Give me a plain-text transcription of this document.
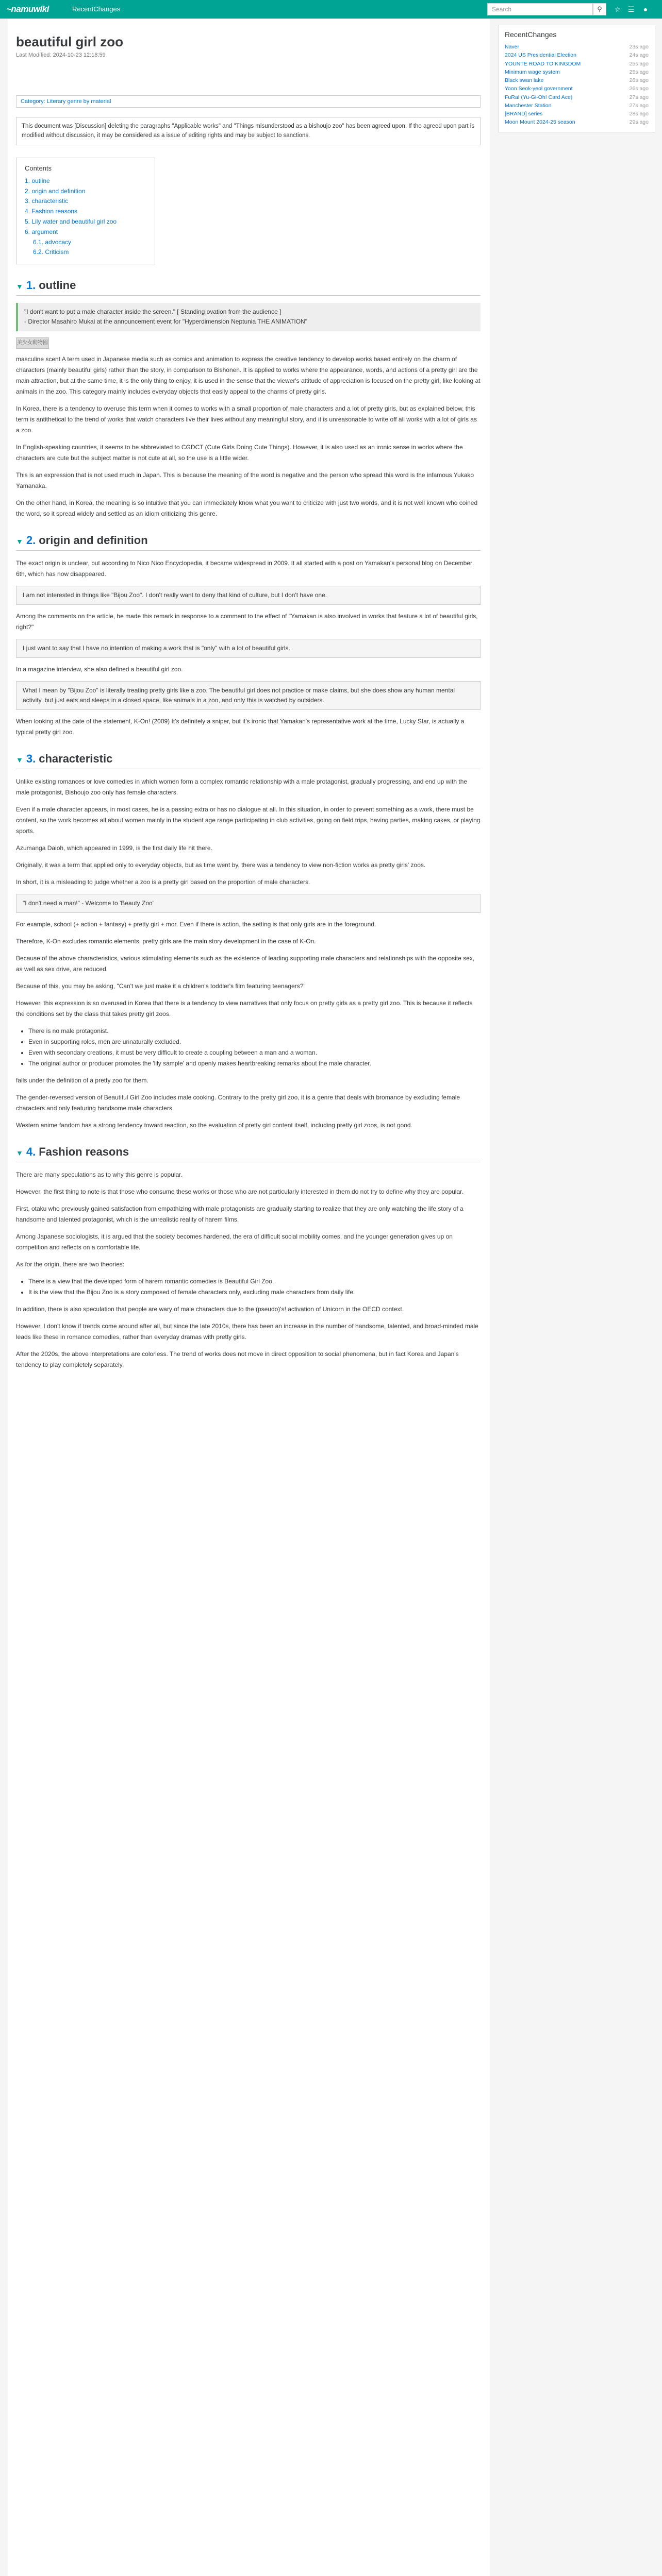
~namuwiki	RecentChanges	Search	⚲	☆ ☰	●
beautiful girl zoo
Last Modified: 2024-10-23 12:18:59
Category: Literary genre by material
This document was [Discussion] deleting the paragraphs "Applicable works" and "Things misunderstood as a bishoujo zoo" has been agreed upon. If the agreed upon part is modified without discussion, it may be considered as a issue of editing rights and may be subject to sanctions.
Contents
1. outline
2. origin and definition
3. characteristic
4. Fashion reasons
5. Lily water and beautiful girl zoo
6. argument
6.1. advocacy
6.2. Criticism
▼ 1. outline
"I don't want to put a male character inside the screen." [ Standing ovation from the audience ]
- Director Masahiro Mukai at the announcement event for "Hyperdimension Neptunia THE ANIMATION"
美少女動物園

masculine scent A term used in Japanese media such as comics and animation to express the creative tendency to develop works based entirely on the charm of characters (mainly beautiful girls) rather than the story, in comparison to Bishonen. It is applied to works where the appearance, words, and actions of a pretty girl are the main attraction, but at the same time, it is the only thing to enjoy, it is used in the sense that the viewer's attitude of appreciation is focused on the pretty girl, like looking at animals in the zoo. This category mainly includes everyday objects that easily appeal to the charms of pretty girls.

In Korea, there is a tendency to overuse this term when it comes to works with a small proportion of male characters and a lot of pretty girls, but as explained below, this term is antithetical to the trend of works that watch characters live their lives without any meaningful story, and it is unreasonable to write off all works with a lot of girls as a zoo.

In English-speaking countries, it seems to be abbreviated to CGDCT (Cute Girls Doing Cute Things). However, it is also used as an ironic sense in works where the characters are cute but the subject matter is not cute at all, so the use is a little wider.

This is an expression that is not used much in Japan. This is because the meaning of the word is negative and the person who spread this word is the infamous Yukako Yamanaka.

On the other hand, in Korea, the meaning is so intuitive that you can immediately know what you want to criticize with just two words, and it is not well known who coined the word, so it spread widely and settled as an idiom criticizing this genre.

▼ 2. origin and definition

The exact origin is unclear, but according to Nico Nico Encyclopedia, it became widespread in 2009. It all started with a post on Yamakan's personal blog on December 6th, which has now disappeared.

I am not interested in things like "Bijou Zoo". I don't really want to deny that kind of culture, but I don't have one.

Among the comments on the article, he made this remark in response to a comment to the effect of "Yamakan is also involved in works that feature a lot of beautiful girls, right?"

I just want to say that I have no intention of making a work that is "only" with a lot of beautiful girls.

In a magazine interview, she also defined a beautiful girl zoo.

What I mean by "Bijou Zoo" is literally treating pretty girls like a zoo. The beautiful girl does not practice or make claims, but she does show any human mental activity, but just eats and sleeps in a closed space, like animals in a zoo, and only this is watched by outsiders.

When looking at the date of the statement, K-On! (2009) It's definitely a sniper, but it's ironic that Yamakan's representative work at the time, Lucky Star, is actually a typical pretty girl zoo.

▼ 3. characteristic

Unlike existing romances or love comedies in which women form a complex romantic relationship with a male protagonist, gradually progressing, and end up with the male protagonist, Bishoujo zoo only has female characters.

Even if a male character appears, in most cases, he is a passing extra or has no dialogue at all. In this situation, in order to prevent something as a work, there must be content, so the work becomes all about women mainly in the student age range participating in club activities, going on field trips, having parties, making cakes, or playing sports.

Azumanga Daioh, which appeared in 1999, is the first daily life hit there.

Originally, it was a term that applied only to everyday objects, but as time went by, there was a tendency to view non-fiction works as pretty girls' zoos.

In short, it is a misleading to judge whether a zoo is a pretty girl based on the proportion of male characters.

"I don't need a man!" - Welcome to 'Beauty Zoo'

For example, school (+ action + fantasy) + pretty girl + mor. Even if there is action, the setting is that only girls are in the foreground.

Therefore, K-On excludes romantic elements, pretty girls are the main story development in the case of K-On.

Because of the above characteristics, various stimulating elements such as the existence of leading supporting male characters and relationships with the opposite sex, as well as sex drive, are reduced.

Because of this, you may be asking, "Can't we just make it a children's toddler's film featuring teenagers?"

However, this expression is so overused in Korea that there is a tendency to view narratives that only focus on pretty girls as a pretty girl zoo. This is because it reflects the conditions set by the class that takes pretty girl zoos.

• There is no male protagonist.
• Even in supporting roles, men are unnaturally excluded.
• Even with secondary creations, it must be very difficult to create a coupling between a man and a woman.
• The original author or producer promotes the 'lily sample' and openly makes heartbreaking remarks about the male character.

falls under the definition of a pretty zoo for them.

The gender-reversed version of Beautiful Girl Zoo includes male cooking. Contrary to the pretty girl zoo, it is a genre that deals with bromance by excluding female characters and only featuring handsome male characters.

Western anime fandom has a strong tendency toward reaction, so the evaluation of pretty girl content itself, including pretty girl zoos, is not good.

▼ 4. Fashion reasons

There are many speculations as to why this genre is popular.

However, the first thing to note is that those who consume these works or those who are not particularly interested in them do not try to define why they are popular.

First, otaku who previously gained satisfaction from empathizing with male protagonists are gradually starting to realize that they are only watching the life story of a handsome and talented protagonist, which is the unrealistic reality of harem films.

Among Japanese sociologists, it is argued that the society becomes hardened, the era of difficult social mobility comes, and the younger generation gives up on competition and reflects on a comfortable life.

As for the origin, there are two theories:

• There is a view that the developed form of harem romantic comedies is Beautiful Girl Zoo.
• It is the view that the Bijou Zoo is a story composed of female characters only, excluding male characters from daily life.

In addition, there is also speculation that people are wary of male characters due to the (pseudo)'s! activation of Unicorn in the OECD context.

However, I don't know if trends come around after all, but since the late 2010s, there has been an increase in the number of handsome, talented, and broad-minded male leads like these in romance comedies, rather than everyday dramas with pretty girls.

After the 2020s, the above interpretations are colorless. The trend of works does not move in direct opposition to social phenomena, but in fact Korea and Japan's tendency to play completely separately.

RecentChanges
Naver	23s ago
2024 US Presidential Election	24s ago
YOUNTE ROAD TO KINGDOM	25s ago
Minimum wage system	25s ago
Black swan lake	26s ago
Yoon Seok-yeol government	26s ago
FuRaI (Yu-Gi-Oh! Card Ace)	27s ago
Manchester Station	27s ago
[BRAND] series	28s ago
Moon Mount 2024-25 season	29s ago
